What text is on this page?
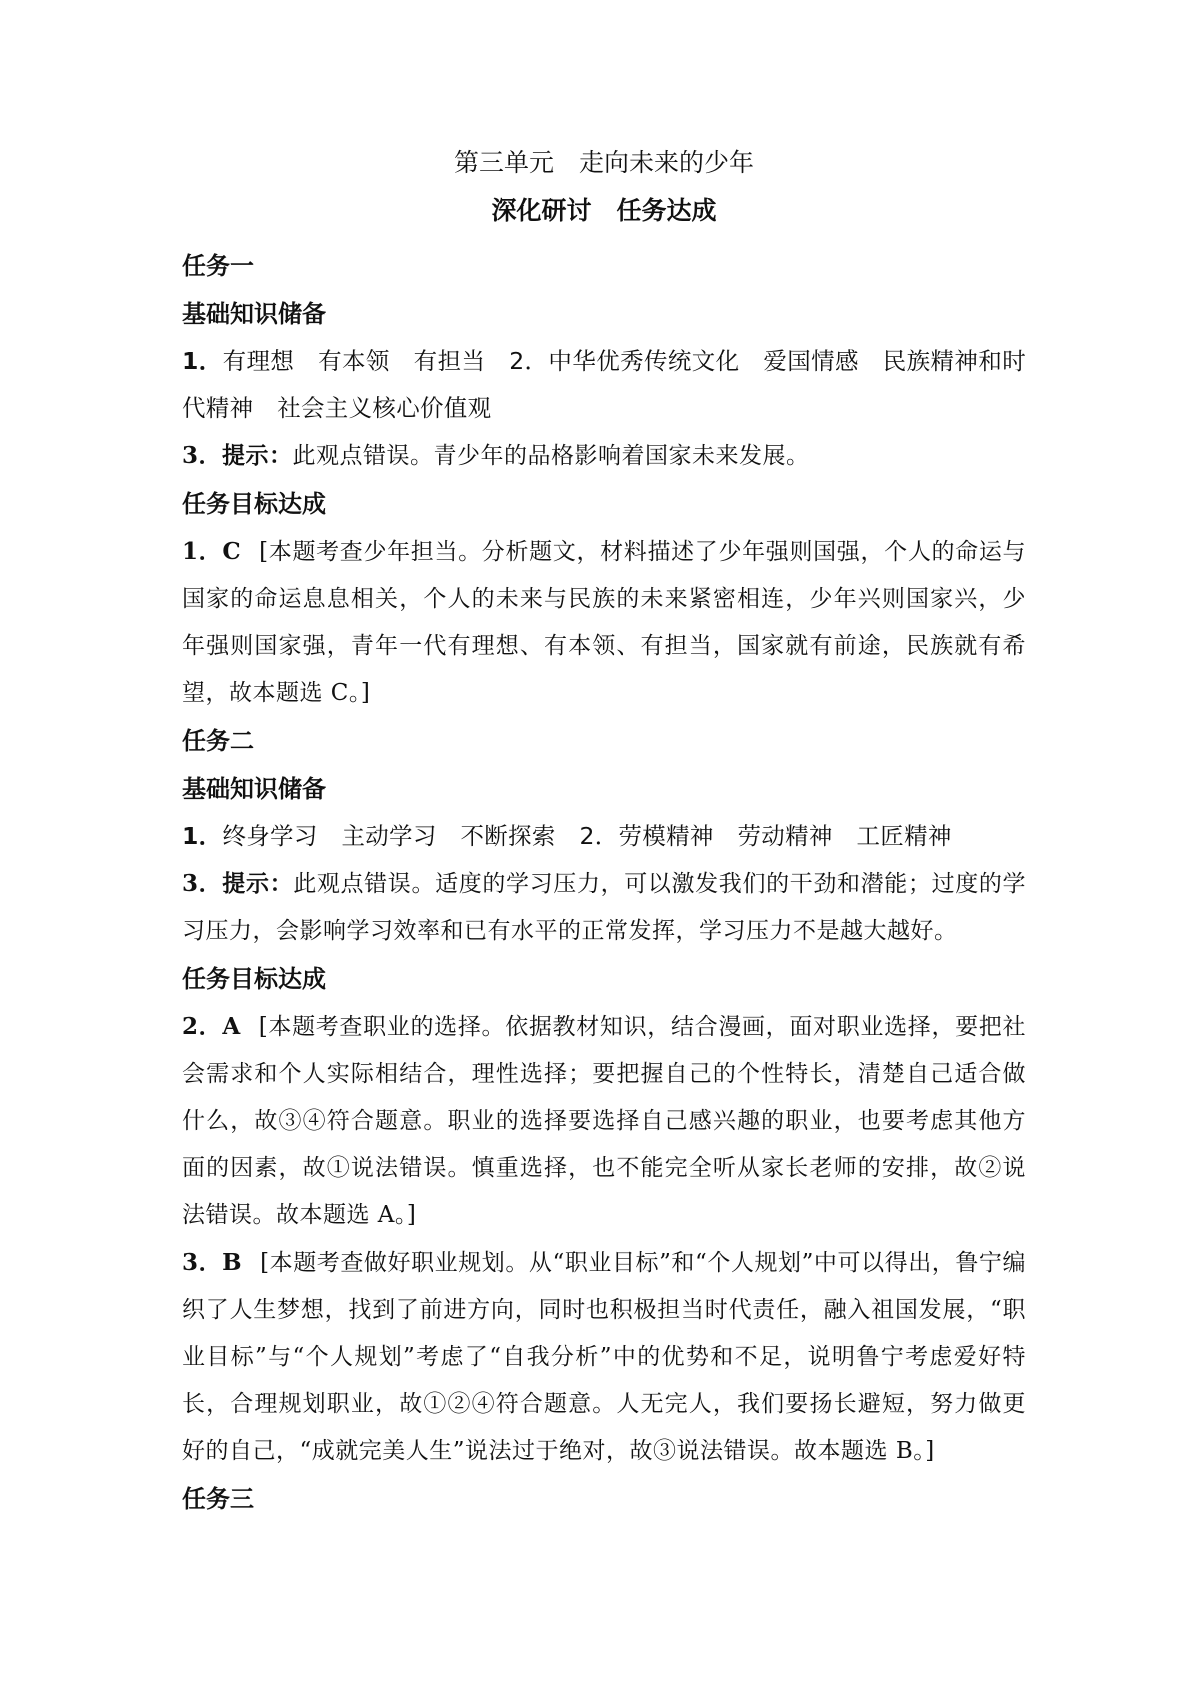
第三单元　走向未来的少年
深化研讨　任务达成
任务一
基础知识储备

1．有理想　有本领　有担当　2．中华优秀传统文化　爱国情感　民族精神和时代精神　社会主义核心价值观

3．提示：此观点错误。青少年的品格影响着国家未来发展。

任务目标达成

1．C [本题考查少年担当。分析题文，材料描述了少年强则国强，个人的命运与国家的命运息息相关，个人的未来与民族的未来紧密相连，少年兴则国家兴，少年强则国家强，青年一代有理想、有本领、有担当，国家就有前途，民族就有希望，故本题选 C。]

任务二
基础知识储备

1．终身学习　主动学习　不断探索　2．劳模精神　劳动精神　工匠精神

3．提示：此观点错误。适度的学习压力，可以激发我们的干劲和潜能；过度的学习压力，会影响学习效率和已有水平的正常发挥，学习压力不是越大越好。

任务目标达成

2．A [本题考查职业的选择。依据教材知识，结合漫画，面对职业选择，要把社会需求和个人实际相结合，理性选择；要把握自己的个性特长，清楚自己适合做什么，故③④符合题意。职业的选择要选择自己感兴趣的职业，也要考虑其他方面的因素，故①说法错误。慎重选择，也不能完全听从家长老师的安排，故②说法错误。故本题选 A。]

3．B [本题考查做好职业规划。从“职业目标”和“个人规划”中可以得出，鲁宁编织了人生梦想，找到了前进方向，同时也积极担当时代责任，融入祖国发展，“职业目标”与“个人规划”考虑了“自我分析”中的优势和不足，说明鲁宁考虑爱好特长，合理规划职业，故①②④符合题意。人无完人，我们要扬长避短，努力做更好的自己，“成就完美人生”说法过于绝对，故③说法错误。故本题选 B。]

任务三
